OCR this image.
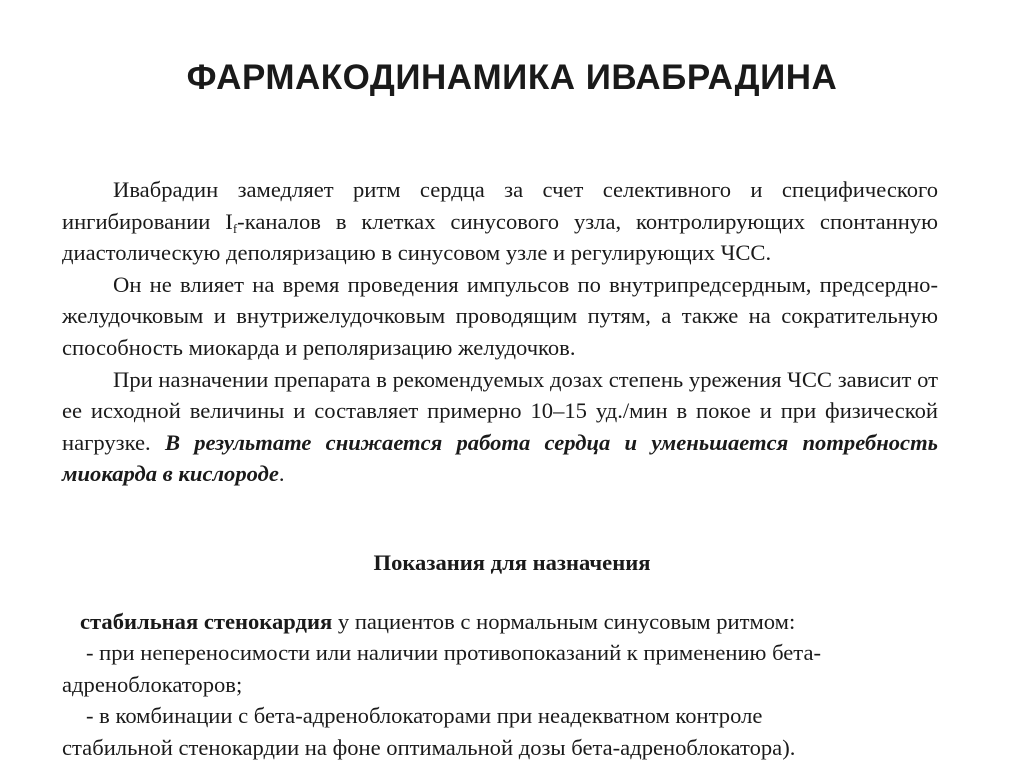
ФАРМАКОДИНАМИКА ИВАБРАДИНА

Ивабрадин замедляет ритм сердца за счет селективного и специфического ингибировании $I_f$-каналов в клетках синусового узла, контролирующих спонтанную диастолическую деполяризацию в синусовом узле и регулирующих ЧСС.

Он не влияет на время проведения импульсов по внутрипредсердным, предсердно-желудочковым и внутрижелудочковым проводящим путям, а также на сократительную способность миокарда и реполяризацию желудочков.

При назначении препарата в рекомендуемых дозах степень урежения ЧСС зависит от ее исходной величины и составляет примерно 10–15 уд./мин в покое и при физической нагрузке. В результате снижается работа сердца и уменьшается потребность миокарда в кислороде.

Показания для назначения
стабильная стенокардия у пациентов с нормальным синусовым ритмом:
- при непереносимости или наличии противопоказаний к применению бета-
адреноблокаторов;
- в комбинации с бета-адреноблокаторами при неадекватном контроле
стабильной стенокардии на фоне оптимальной дозы бета-адреноблокатора).
